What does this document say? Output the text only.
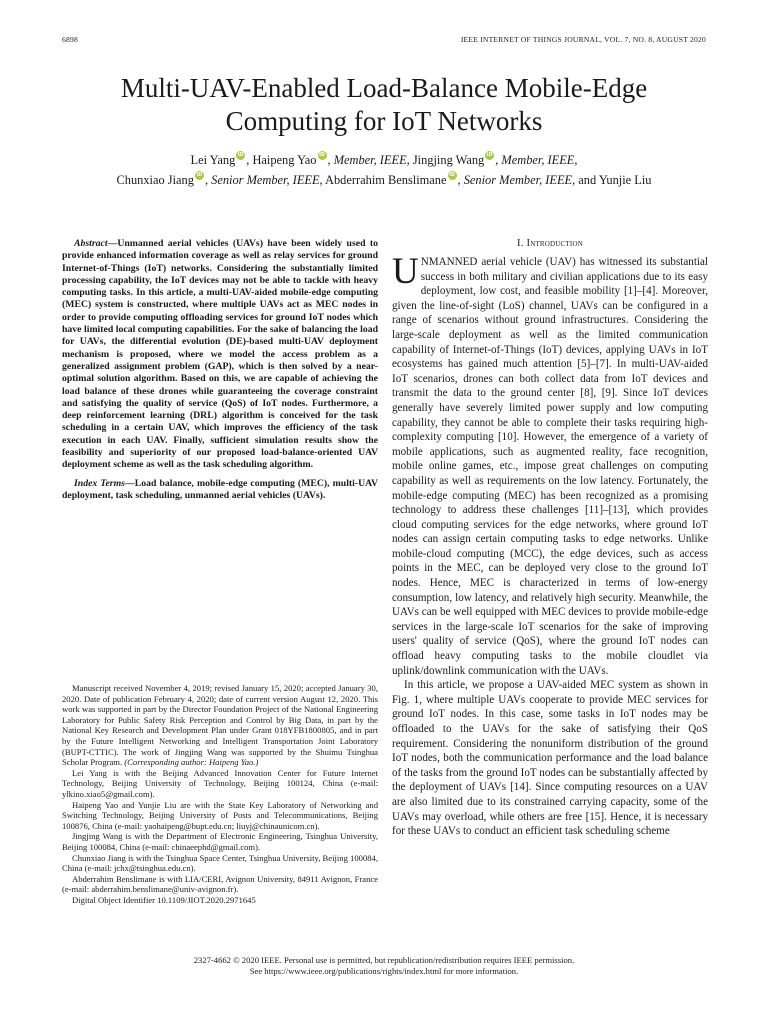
6898	IEEE INTERNET OF THINGS JOURNAL, VOL. 7, NO. 8, AUGUST 2020
Multi-UAV-Enabled Load-Balance Mobile-Edge
Computing for IoT Networks
Lei Yang iD , Haipeng Yao iD , Member, IEEE, Jingjing Wang iD , Member, IEEE,
Chunxiao Jiang iD , Senior Member, IEEE, Abderrahim Benslimane iD , Senior Member, IEEE, and Yunjie Liu

Abstract—Unmanned aerial vehicles (UAVs) have been widely used to provide enhanced information coverage as well as relay services for ground Internet-of-Things (IoT) networks. Considering the substantially limited processing capability, the IoT devices may not be able to tackle with heavy computing tasks. In this article, a multi-UAV-aided mobile-edge computing (MEC) system is constructed, where multiple UAVs act as MEC nodes in order to provide computing offloading services for ground IoT nodes which have limited local computing capabilities. For the sake of balancing the load for UAVs, the differential evolution (DE)-based multi-UAV deployment mechanism is proposed, where we model the access problem as a generalized assignment problem (GAP), which is then solved by a near-optimal solution algorithm. Based on this, we are capable of achieving the load balance of these drones while guaranteeing the coverage constraint and satisfying the quality of service (QoS) of IoT nodes. Furthermore, a deep reinforcement learning (DRL) algorithm is conceived for the task scheduling in a certain UAV, which improves the efficiency of the task execution in each UAV. Finally, sufficient simulation results show the feasibility and superiority of our proposed load-balance-oriented UAV deployment scheme as well as the task scheduling algorithm.

Index Terms—Load balance, mobile-edge computing (MEC), multi-UAV deployment, task scheduling, unmanned aerial vehicles (UAVs).

Manuscript received November 4, 2019; revised January 15, 2020; accepted January 30, 2020. Date of publication February 4, 2020; date of current version August 12, 2020. This work was supported in part by the Director Foundation Project of the National Engineering Laboratory for Public Safety Risk Perception and Control by Big Data, in part by the National Key Research and Development Plan under Grant 018YFB1800805, and in part by the Future Intelligent Networking and Intelligent Transportation Joint Laboratory (BUPT-CTTIC). The work of Jingjing Wang was supported by the Shuimu Tsinghua Scholar Program. (Corresponding author: Haipeng Yao.)

Lei Yang is with the Beijing Advanced Innovation Center for Future Internet Technology, Beijing University of Technology, Beijing 100124, China (e-mail: ylkino.xiao5@gmail.com).

Haipeng Yao and Yunjie Liu are with the State Key Laboratory of Networking and Switching Technology, Beijing University of Posts and Telecommunications, Beijing 100876, China (e-mail: yaohaipeng@bupt.edu.cn; liuyj@chinaunicom.cn).

Jingjing Wang is with the Department of Electronic Engineering, Tsinghua University, Beijing 100084, China (e-mail: chinaeephd@gmail.com).

Chunxiao Jiang is with the Tsinghua Space Center, Tsinghua University, Beijing 100084, China (e-mail: jchx@tsinghua.edu.cn).

Abderrahim Benslimane is with LIA/CERI, Avignon University, 84911 Avignon, France (e-mail: abderrahim.benslimane@univ-avignon.fr).

Digital Object Identifier 10.1109/JIOT.2020.2971645

I. Introduction

UNMANNED aerial vehicle (UAV) has witnessed its substantial success in both military and civilian applications due to its easy deployment, low cost, and feasible mobility [1]–[4]. Moreover, given the line-of-sight (LoS) channel, UAVs can be configured in a range of scenarios without ground infrastructures. Considering the large-scale deployment as well as the limited communication capability of Internet-of-Things (IoT) devices, applying UAVs in IoT ecosystems has gained much attention [5]–[7]. In multi-UAV-aided IoT scenarios, drones can both collect data from IoT devices and transmit the data to the ground center [8], [9]. Since IoT devices generally have severely limited power supply and low computing capability, they cannot be able to complete their tasks requiring high-complexity computing [10]. However, the emergence of a variety of mobile applications, such as augmented reality, face recognition, mobile online games, etc., impose great challenges on computing capability as well as requirements on the low latency. Fortunately, the mobile-edge computing (MEC) has been recognized as a promising technology to address these challenges [11]–[13], which provides cloud computing services for the edge networks, where ground IoT nodes can assign certain computing tasks to edge networks. Unlike mobile-cloud computing (MCC), the edge devices, such as access points in the MEC, can be deployed very close to the ground IoT nodes. Hence, MEC is characterized in terms of low-energy consumption, low latency, and relatively high security. Meanwhile, the UAVs can be well equipped with MEC devices to provide mobile-edge services in the large-scale IoT scenarios for the sake of improving users' quality of service (QoS), where the ground IoT nodes can offload heavy computing tasks to the mobile cloudlet via uplink/downlink communication with the UAVs.

In this article, we propose a UAV-aided MEC system as shown in Fig. 1, where multiple UAVs cooperate to provide MEC services for ground IoT nodes. In this case, some tasks in IoT nodes may be offloaded to the UAVs for the sake of satisfying their QoS requirement. Considering the nonuniform distribution of the ground IoT nodes, both the communication performance and the load balance of the tasks from the ground IoT nodes can be substantially affected by the deployment of UAVs [14]. Since computing resources on a UAV are also limited due to its constrained carrying capacity, some of the UAVs may overload, while others are free [15]. Hence, it is necessary for these UAVs to conduct an efficient task scheduling scheme

2327-4662 © 2020 IEEE. Personal use is permitted, but republication/redistribution requires IEEE permission.
See https://www.ieee.org/publications/rights/index.html for more information.
